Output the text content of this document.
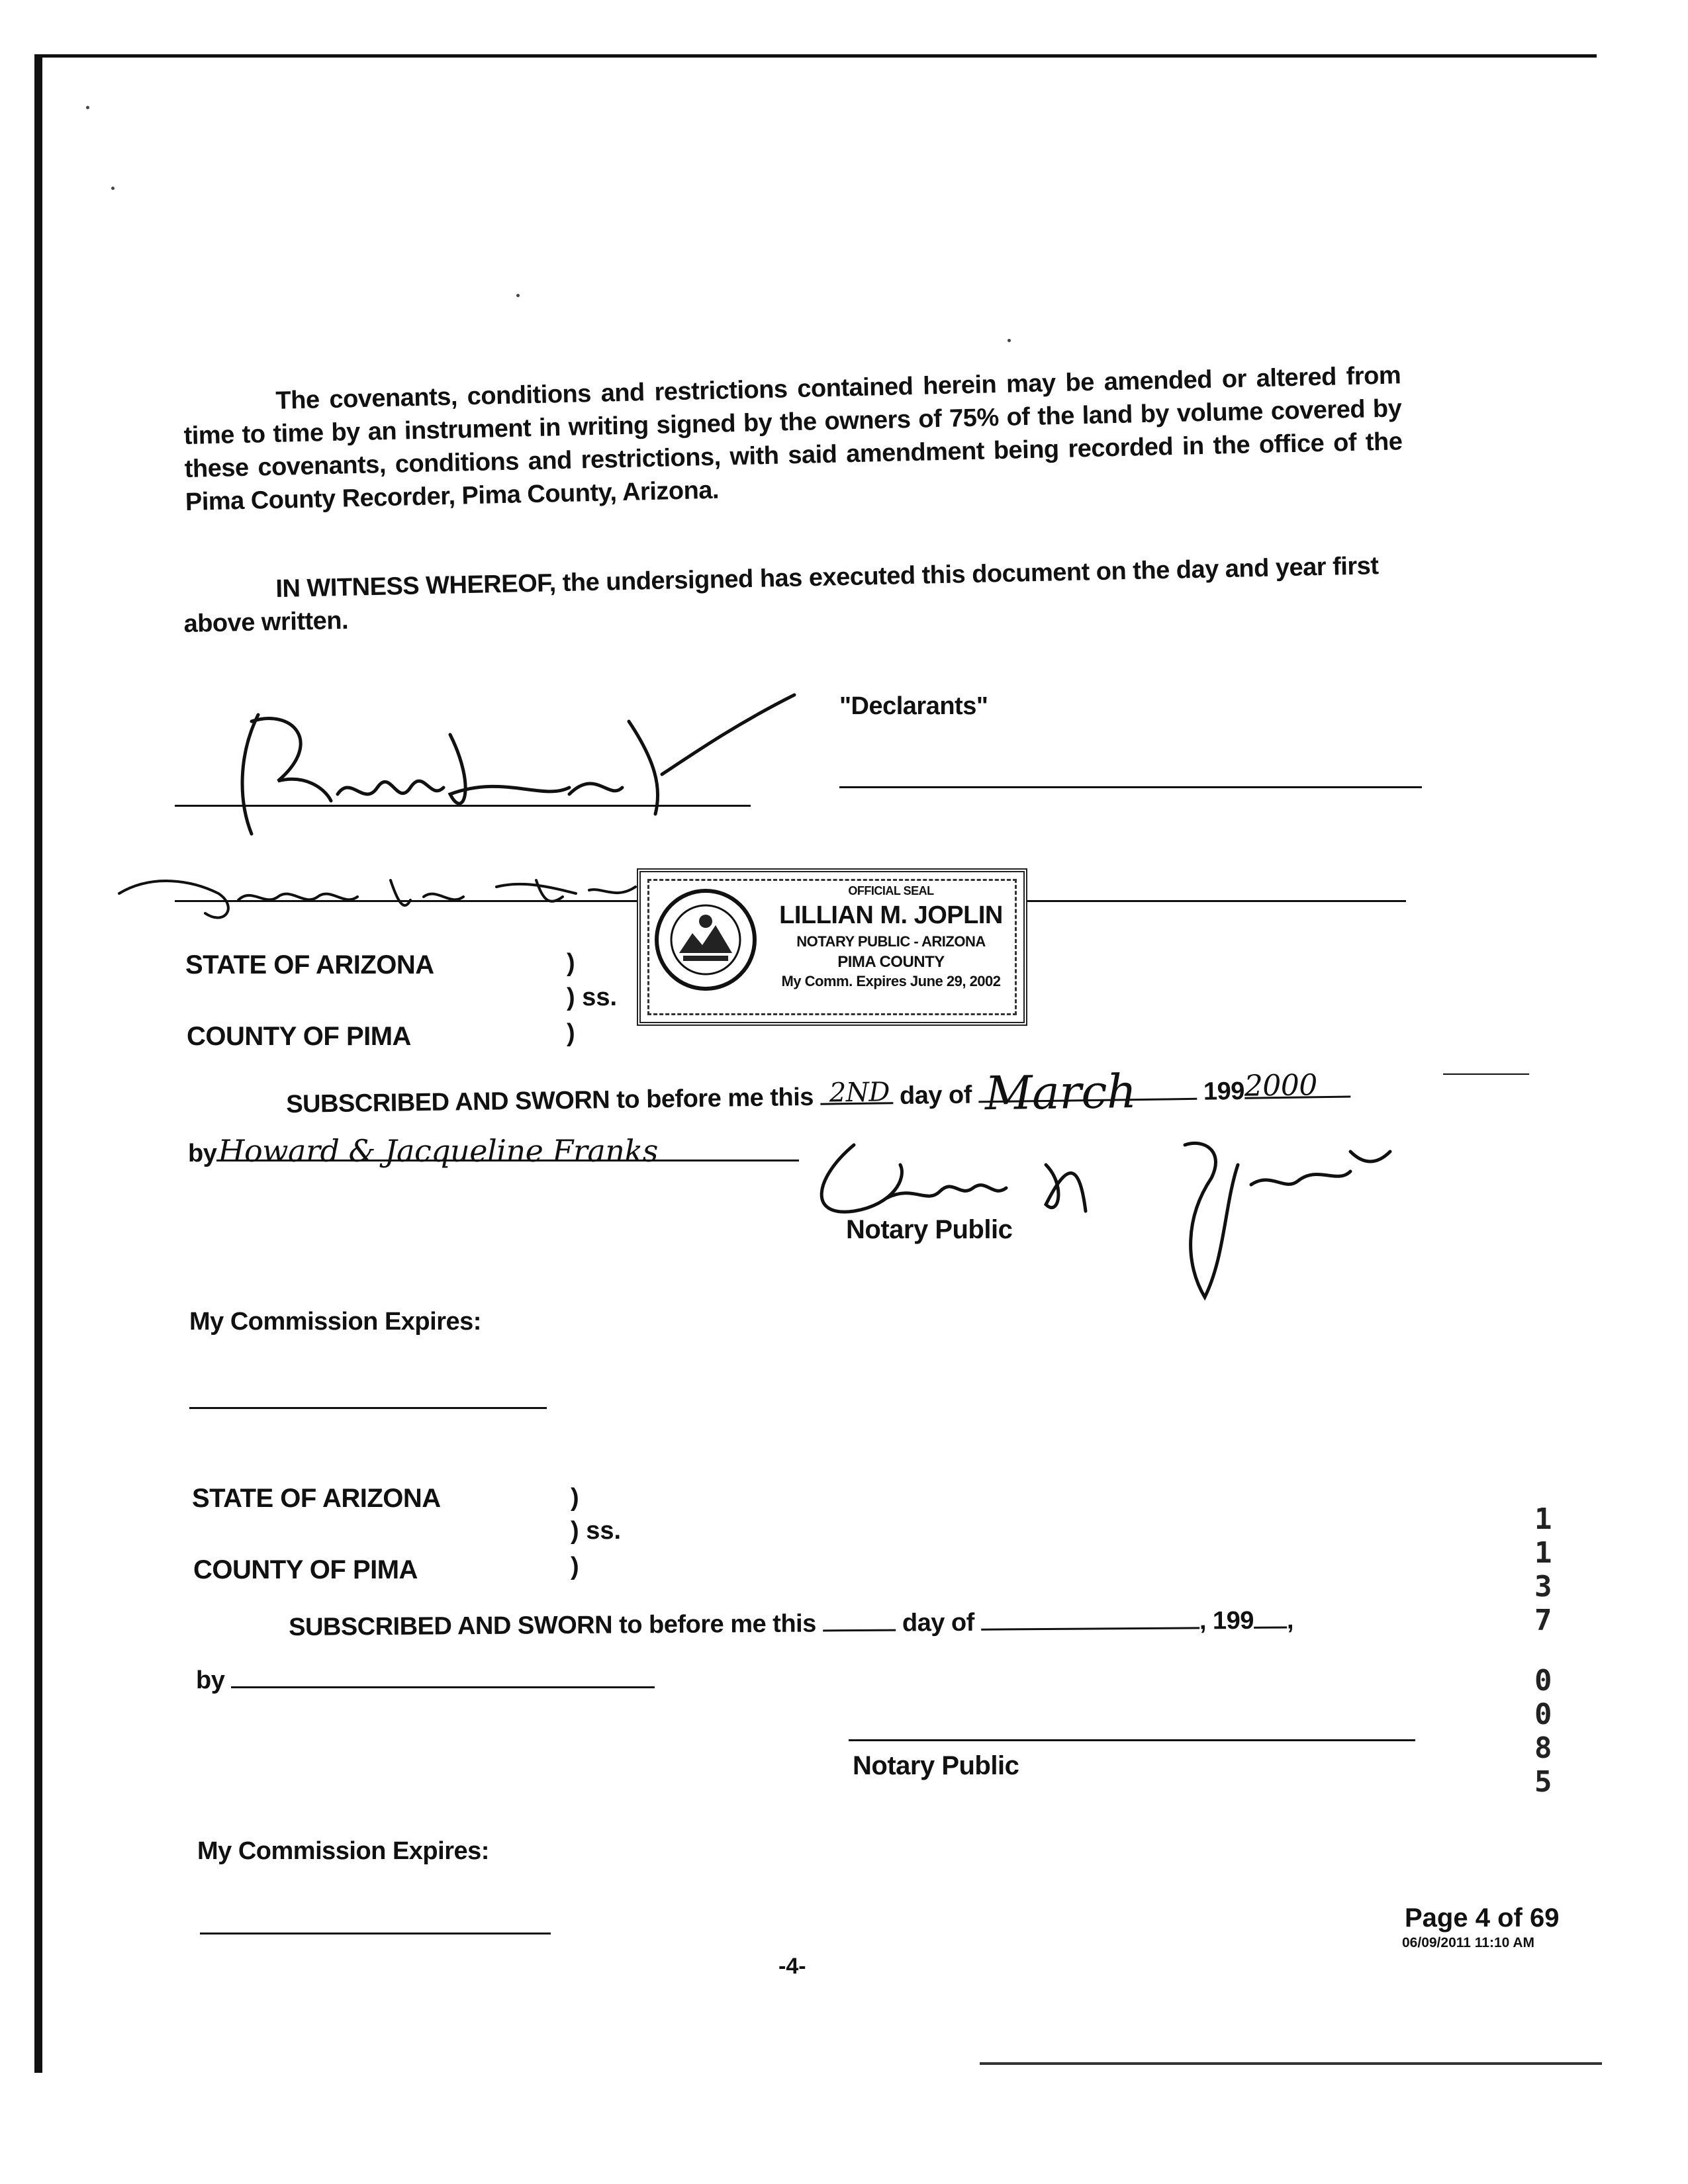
The covenants, conditions and restrictions contained herein may be amended or altered from time to time by an instrument in writing signed by the owners of 75% of the land by volume covered by these covenants, conditions and restrictions, with said amendment being recorded in the office of the Pima County Recorder, Pima County, Arizona.
IN WITNESS WHEREOF, the undersigned has executed this document on the day and year first above written.
"Declarants"
OFFICIAL SEAL
LILLIAN M. JOPLIN
NOTARY PUBLIC - ARIZONA
PIMA COUNTY
My Comm. Expires June 29, 2002
STATE OF ARIZONA	)
) ss.
COUNTY OF PIMA	)
SUBSCRIBED AND SWORN to before me this 2ND day of March	199 2000
by Howard & Jacqueline Franks
Notary Public
My Commission Expires:
STATE OF ARIZONA	)
) ss.
COUNTY OF PIMA	)
SUBSCRIBED AND SWORN to before me this	day of	, 199 ,
by
Notary Public
My Commission Expires:
1
1
3
7
0
0
8
5
Page 4 of 69
06/09/2011 11:10 AM
-4-
